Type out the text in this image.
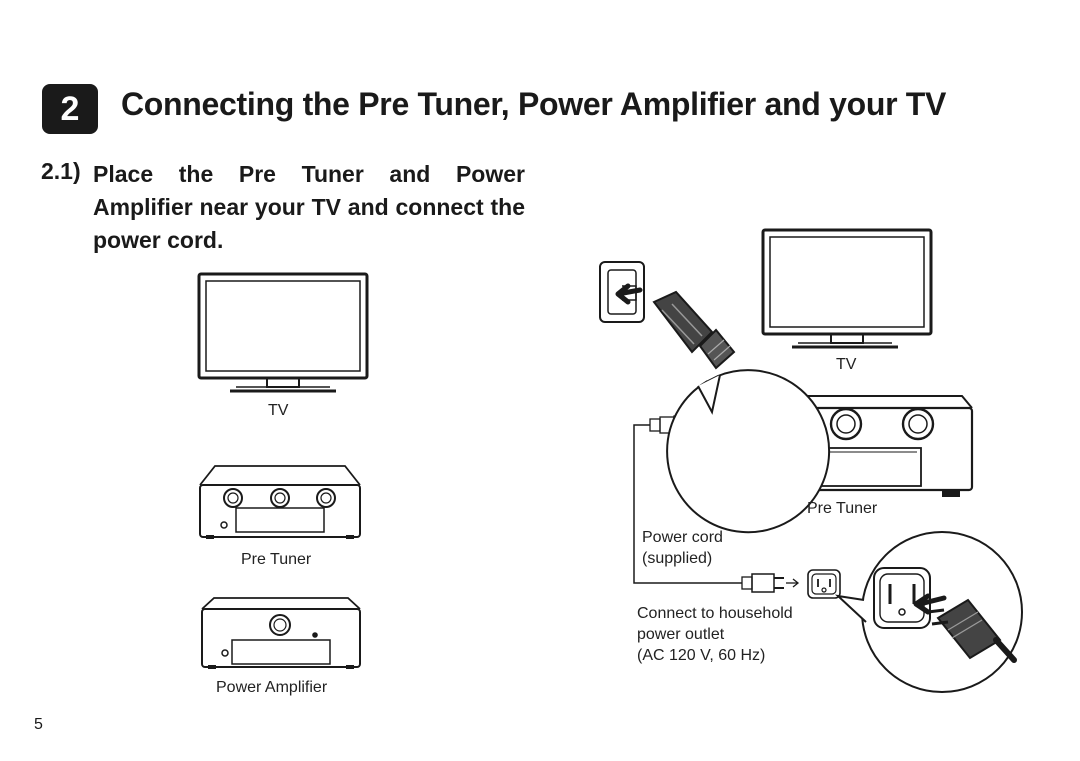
2	Connecting the Pre Tuner, Power Amplifier and your TV
2.1) Place the Pre Tuner and Power Amplifier near your TV and connect the power cord.

TV
Pre Tuner
Power Amplifier
TV
Pre Tuner
Power cord
(supplied)
Connect to household
power outlet
(AC 120 V, 60 Hz)
5
